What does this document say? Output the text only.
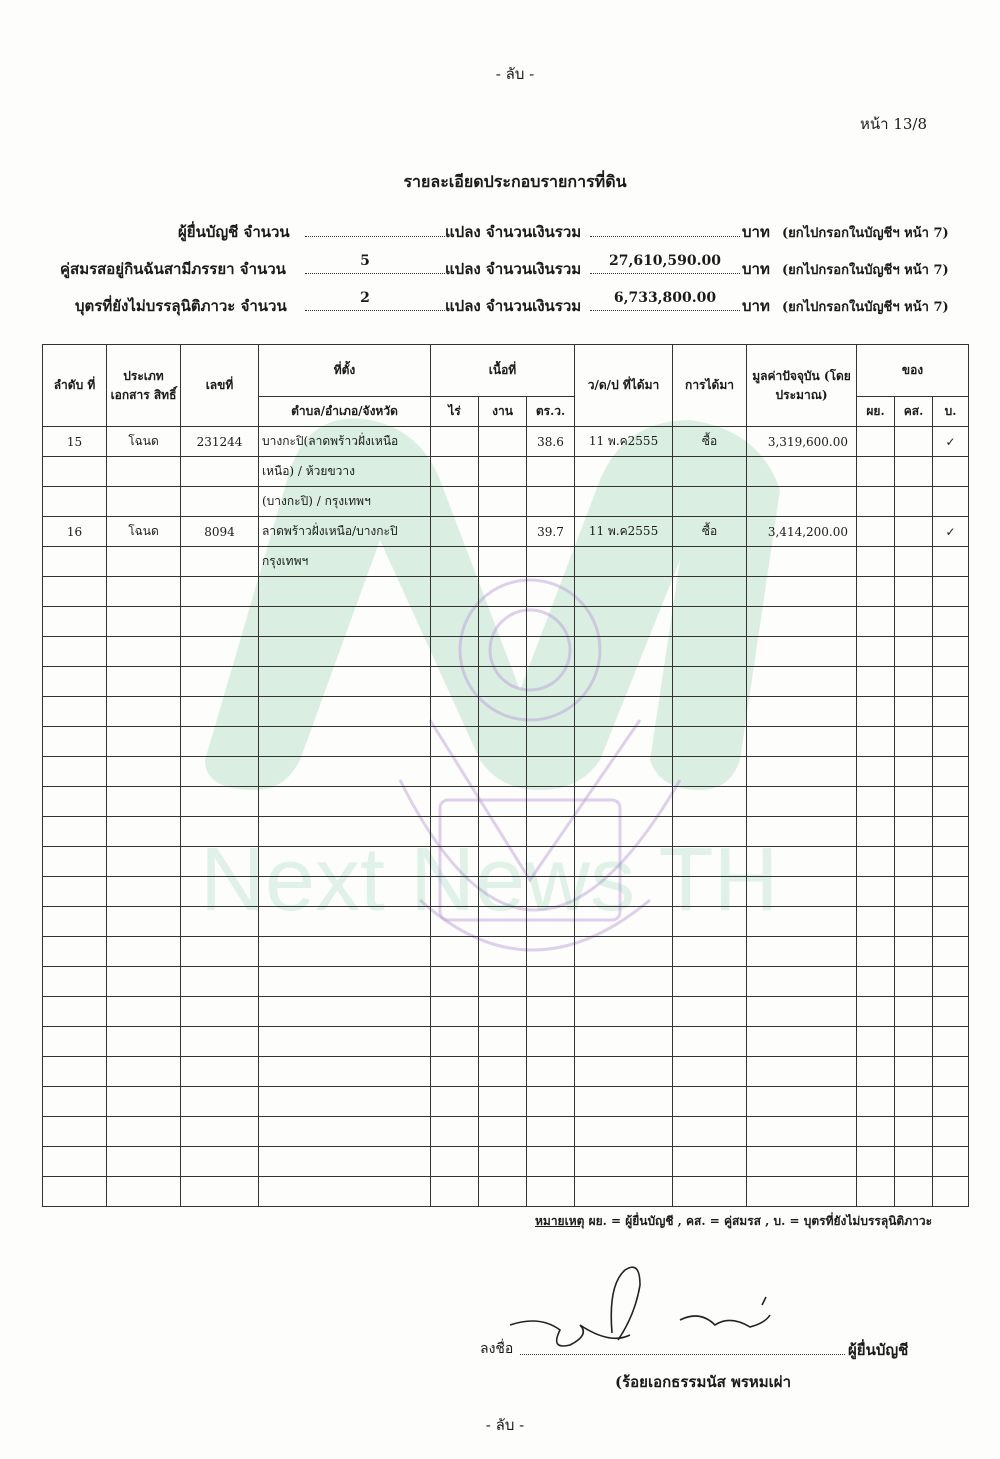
Next News TH
- ลับ -
หน้า 13/8
รายละเอียดประกอบรายการที่ดิน
ผู้ยื่นบัญชี จำนวน	แปลง จำนวนเงินรวม	บาท (ยกไปกรอกในบัญชีฯ หน้า 7)
คู่สมรสอยู่กินฉันสามีภรรยา จำนวน	5	แปลง จำนวนเงินรวม	27,610,590.00	บาท (ยกไปกรอกในบัญชีฯ หน้า 7)
บุตรที่ยังไม่บรรลุนิติภาวะ จำนวน	2	แปลง จำนวนเงินรวม	6,733,800.00	บาท (ยกไปกรอกในบัญชีฯ หน้า 7)
ลำดับ ที่	ประเภท เอกสาร สิทธิ์	เลขที่	ที่ตั้ง	เนื้อที่			ว/ด/ป ที่ได้มา	การได้มา	มูลค่าปัจจุบัน (โดยประมาณ)	ของ		
			ตำบล/อำเภอ/จังหวัด	ไร่	งาน	ตร.ว.				ผย.	คส.	บ.
15	โฉนด	231244	บางกะปิ(ลาดพร้าวฝั่งเหนือ			38.6	11 พ.ค2555	ซื้อ	3,319,600.00			✓
			เหนือ) / ห้วยขวาง									
			(บางกะปิ) / กรุงเทพฯ									
16	โฉนด	8094	ลาดพร้าวฝั่งเหนือ/บางกะปิ			39.7	11 พ.ค2555	ซื้อ	3,414,200.00			✓
			กรุงเทพฯ									

หมายเหตุ ผย. = ผู้ยื่นบัญชี , คส. = คู่สมรส , บ. = บุตรที่ยังไม่บรรลุนิติภาวะ
ลงชื่อ	ผู้ยื่นบัญชี
(ร้อยเอกธรรมนัส พรหมเผ่า
- ลับ -
